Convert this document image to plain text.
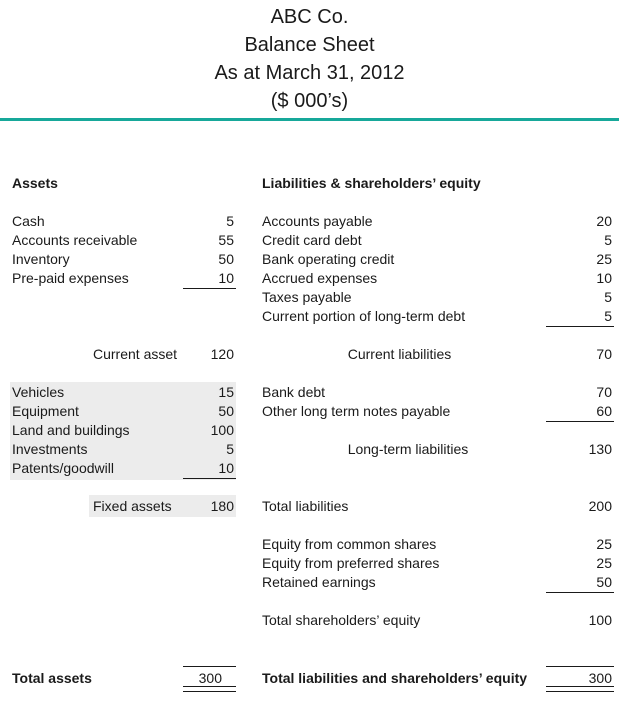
ABC Co.
Balance Sheet
As at March 31, 2012
($ 000’s)
Assets	Liabilities & shareholders’ equity
Cash	5
Accounts receivable	55
Inventory	50
Pre-paid expenses	10
Current asset	120
Vehicles	15
Equipment	50
Land and buildings	100
Investments	5
Patents/goodwill	10
Fixed assets	180
Total assets	300
Accounts payable	20
Credit card debt	5
Bank operating credit	25
Accrued expenses	10
Taxes payable	5
Current portion of long-term debt	5
Current liabilities	70
Bank debt	70
Other long term notes payable	60
Long-term liabilities	130
Total liabilities	200
Equity from common shares	25
Equity from preferred shares	25
Retained earnings	50
Total shareholders’ equity	100
Total liabilities and shareholders’ equity	300
